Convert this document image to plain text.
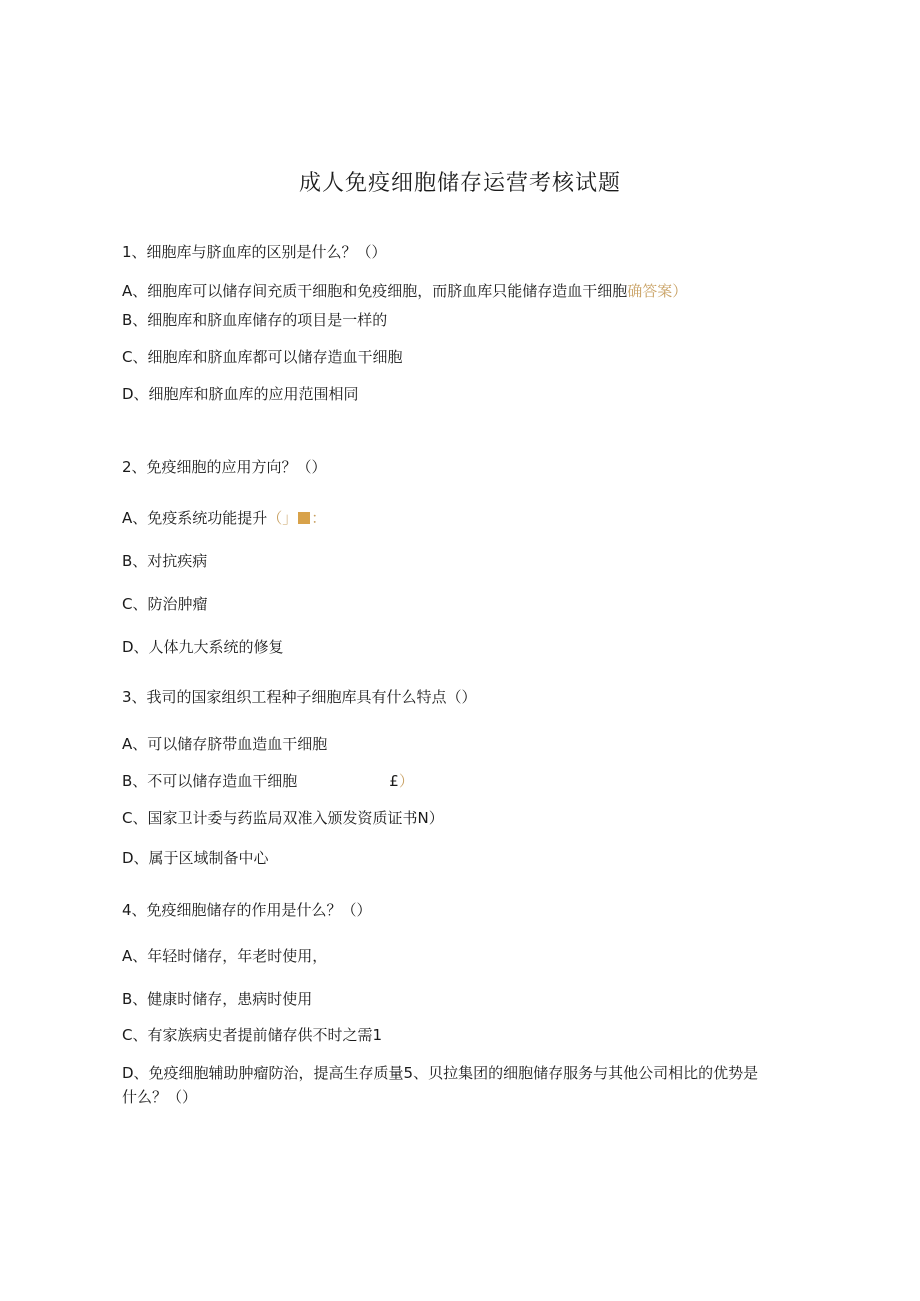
成人免疫细胞储存运营考核试题
1、细胞库与脐血库的区别是什么？（）
A、细胞库可以储存间充质干细胞和免疫细胞，而脐血库只能储存造血干细胞确答案）
B、细胞库和脐血库储存的项目是一样的
C、细胞库和脐血库都可以储存造血干细胞
D、细胞库和脐血库的应用范围相同
2、免疫细胞的应用方向？（）
A、免疫系统功能提升（」 ：
B、对抗疾病
C、防治肿瘤
D、人体九大系统的修复
3、我司的国家组织工程种子细胞库具有什么特点（）
A、可以储存脐带血造血干细胞
B、不可以储存造血干细胞	£）
C、国家卫计委与药监局双准入颁发资质证书N）
D、属于区域制备中心
4、免疫细胞储存的作用是什么？（）
A、年轻时储存，年老时使用，
B、健康时储存，患病时使用
C、有家族病史者提前储存供不时之需1
D、免疫细胞辅助肿瘤防治，提高生存质量5、贝拉集团的细胞储存服务与其他公司相比的优势是什么？（）
